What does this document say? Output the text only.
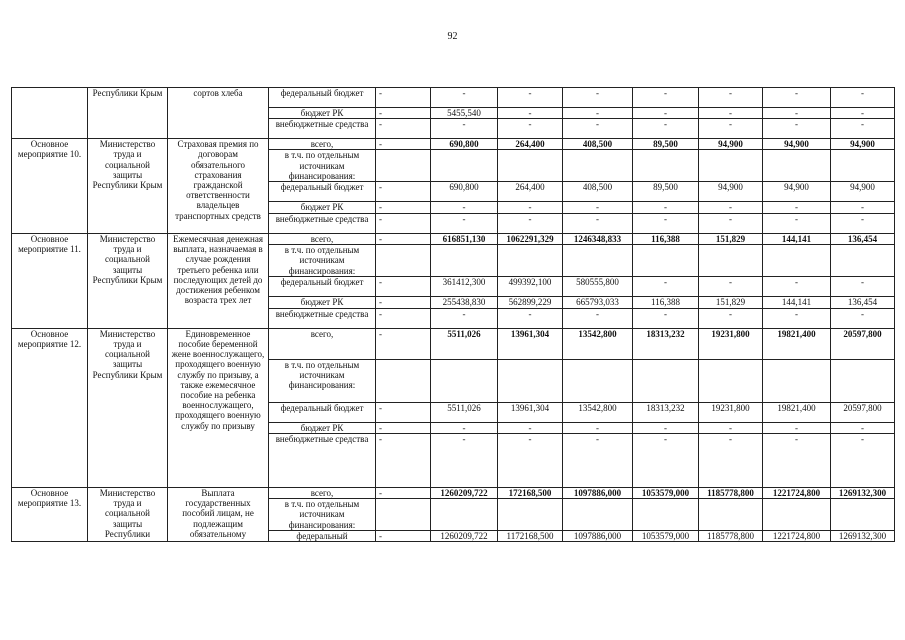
92
	Республики Крым	сортов хлеба	федеральный бюджет	-	-	-	-	-	-	-	-
			бюджет РК	-	5455,540	-	-	-	-	-	-
			внебюджетные средства	-	-	-	-	-	-	-	-
Основное мероприятие 10.	Министерство труда и социальной защиты Республики Крым	Страховая премия по договорам обязательного страхования гражданской ответственности владельцев транспортных средств	всего,	-	690,800	264,400	408,500	89,500	94,900	94,900	94,900
			в т.ч. по отдельным источникам финансирования:								
			федеральный бюджет	-	690,800	264,400	408,500	89,500	94,900	94,900	94,900
			бюджет РК	-	-	-	-	-	-	-	-
			внебюджетные средства	-	-	-	-	-	-	-	-
Основное мероприятие 11.	Министерство труда и социальной защиты Республики Крым	Ежемесячная денежная выплата, назначаемая в случае рождения третьего ребенка или последующих детей до достижения ребенком возраста трех лет	всего,	-	616851,130	1062291,329	1246348,833	116,388	151,829	144,141	136,454
			в т.ч. по отдельным источникам финансирования:								
			федеральный бюджет	-	361412,300	499392,100	580555,800	-	-	-	-
			бюджет РК	-	255438,830	562899,229	665793,033	116,388	151,829	144,141	136,454
			внебюджетные средства	-	-	-	-	-	-	-	-
Основное мероприятие 12.	Министерство труда и социальной защиты Республики Крым	Единовременное пособие беременной жене военнослужащего, проходящего военную службу по призыву, а также ежемесячное пособие на ребенка военнослужащего, проходящего военную службу по призыву	всего,	-	5511,026	13961,304	13542,800	18313,232	19231,800	19821,400	20597,800
			в т.ч. по отдельным источникам финансирования:								
			федеральный бюджет	-	5511,026	13961,304	13542,800	18313,232	19231,800	19821,400	20597,800
			бюджет РК	-	-	-	-	-	-	-	-
			внебюджетные средства	-	-	-	-	-	-	-	-
Основное мероприятие 13.	Министерство труда и социальной защиты Республики	Выплата государственных пособий лицам, не подлежащим обязательному	всего,	-	1260209,722	172168,500	1097886,000	1053579,000	1185778,800	1221724,800	1269132,300
			в т.ч. по отдельным источникам финансирования:								
			федеральный	-	1260209,722	1172168,500	1097886,000	1053579,000	1185778,800	1221724,800	1269132,300
